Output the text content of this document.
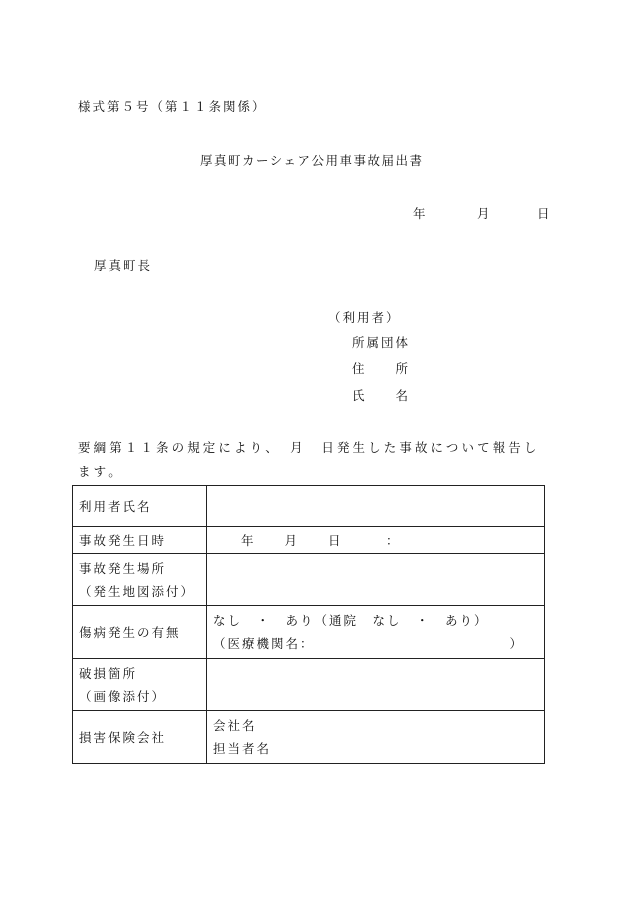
様式第５号（第１１条関係）
厚真町カーシェア公用車事故届出書
年	月	日
厚真町長
（利用者）
所属団体
住　　所
氏　　名
要綱第１１条の規定により、　月　日発生した事故について報告します。
利用者氏名	
事故発生日時	年　　月　　日　　　：

事故発生場所
（発生地図添付）	

傷病発生の有無	なし　・　あり（通院　なし　・　あり）
（医療機関名： ）

破損箇所
（画像添付）	

損害保険会社	会社名
担当者名
